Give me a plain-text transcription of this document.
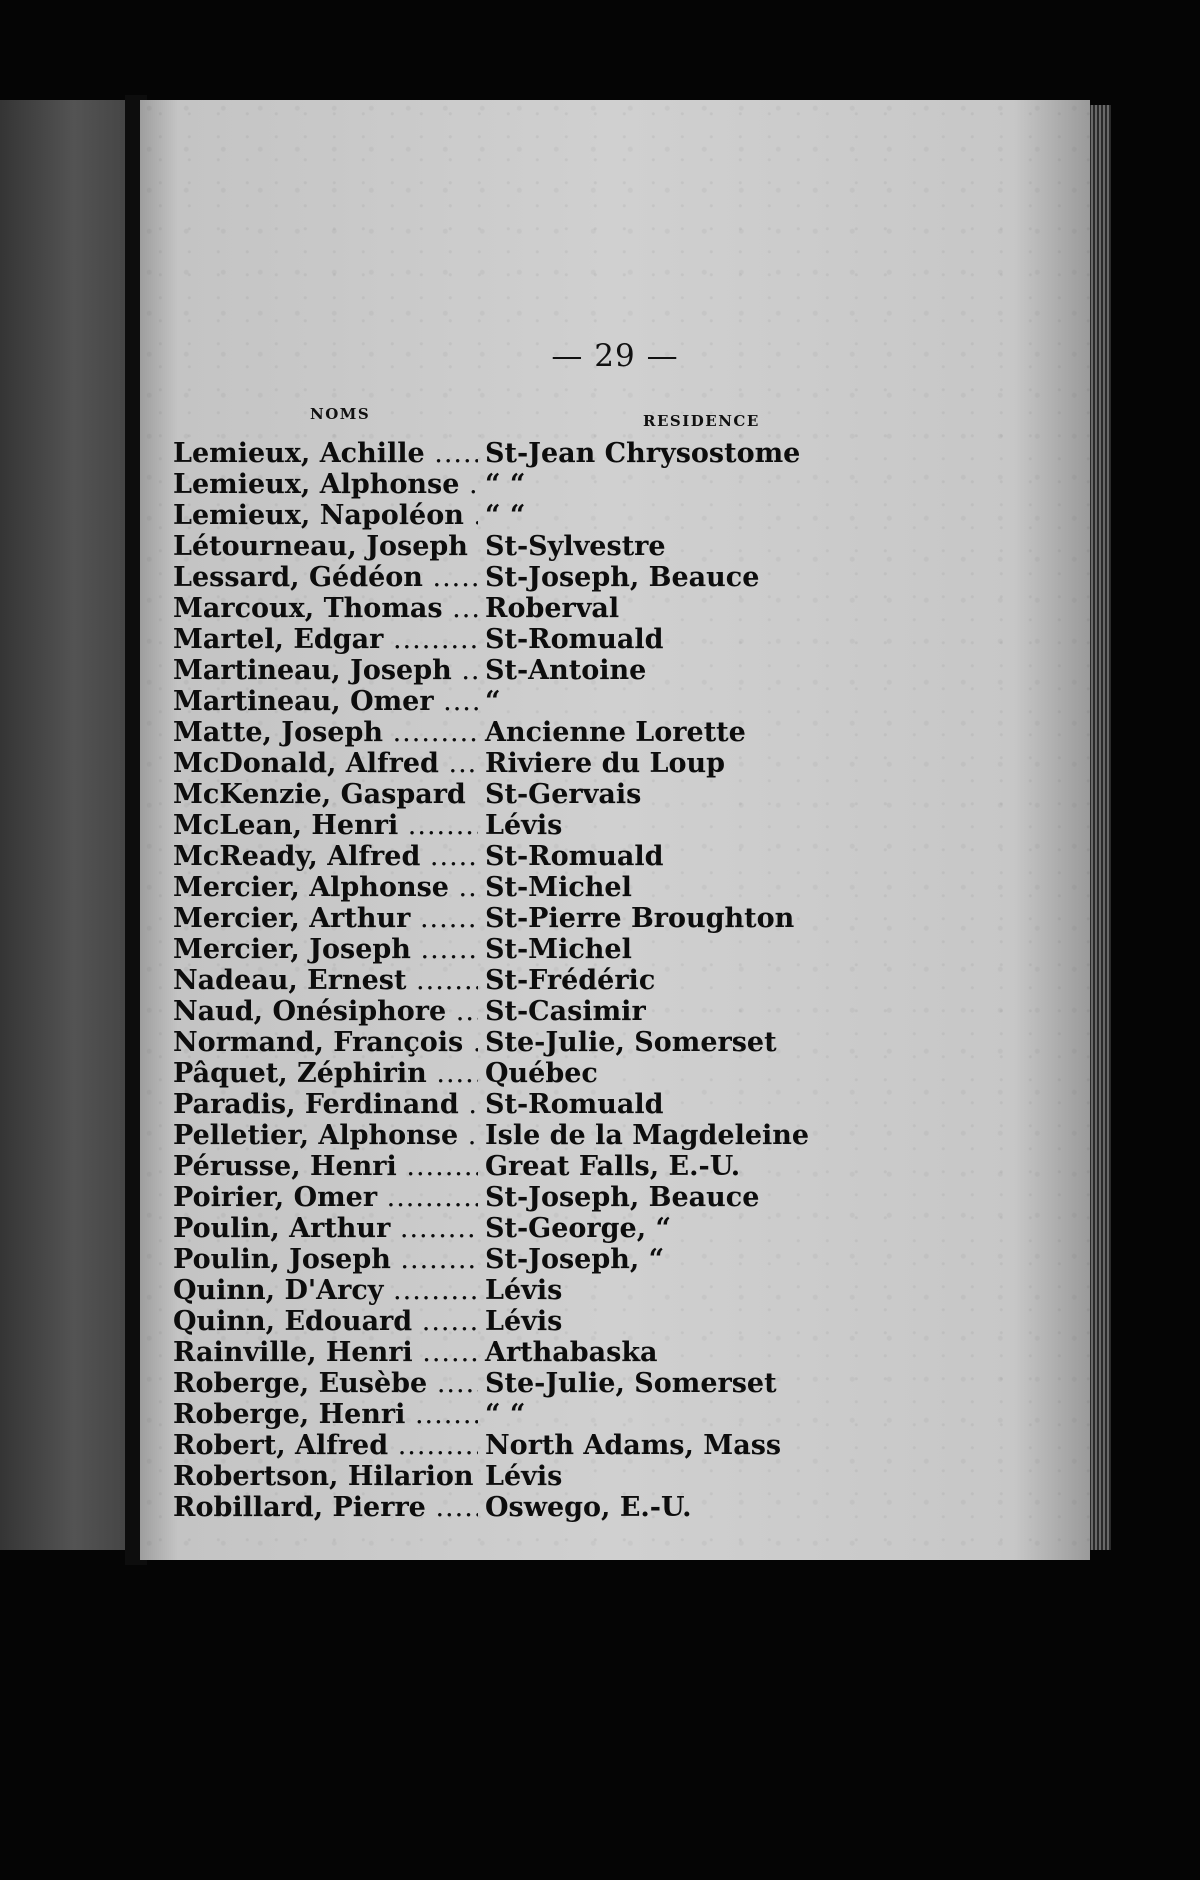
— 29 —
NOMS	RESIDENCE
Lemieux, Achille .....	St-Jean Chrysostome
Lemieux, Alphonse ..... “ “
Lemieux, Napoléon ..... “ “
Létourneau, Joseph ..... St-Sylvestre
Lessard, Gédéon .....	St-Joseph, Beauce
Marcoux, Thomas .....	Roberval
Martel, Edgar .....	St-Romuald
Martineau, Joseph .....	St-Antoine
Martineau, Omer .....	“
Matte, Joseph .....	Ancienne Lorette
McDonald, Alfred .....	Riviere du Loup
McKenzie, Gaspard ..... St-Gervais
McLean, Henri .....	Lévis
McReady, Alfred .....	St-Romuald
Mercier, Alphonse .....	St-Michel
Mercier, Arthur .....	St-Pierre Broughton
Mercier, Joseph .....	St-Michel
Nadeau, Ernest .....	St-Frédéric
Naud, Onésiphore .....	St-Casimir
Normand, François ..... Ste-Julie, Somerset
Pâquet, Zéphirin .....	Québec
Paradis, Ferdinand ..... St-Romuald
Pelletier, Alphonse ..... Isle de la Magdeleine
Pérusse, Henri .....	Great Falls, E.-U.
Poirier, Omer .....	St-Joseph, Beauce
Poulin, Arthur .....	St-George, “
Poulin, Joseph .....	St-Joseph, “
Quinn, D'Arcy .....	Lévis
Quinn, Edouard .....	Lévis
Rainville, Henri .....	Arthabaska
Roberge, Eusèbe .....	Ste-Julie, Somerset
Roberge, Henri .....	“ “
Robert, Alfred .....	North Adams, Mass
Robertson, Hilarion ..... Lévis
Robillard, Pierre .....	Oswego, E.-U.
